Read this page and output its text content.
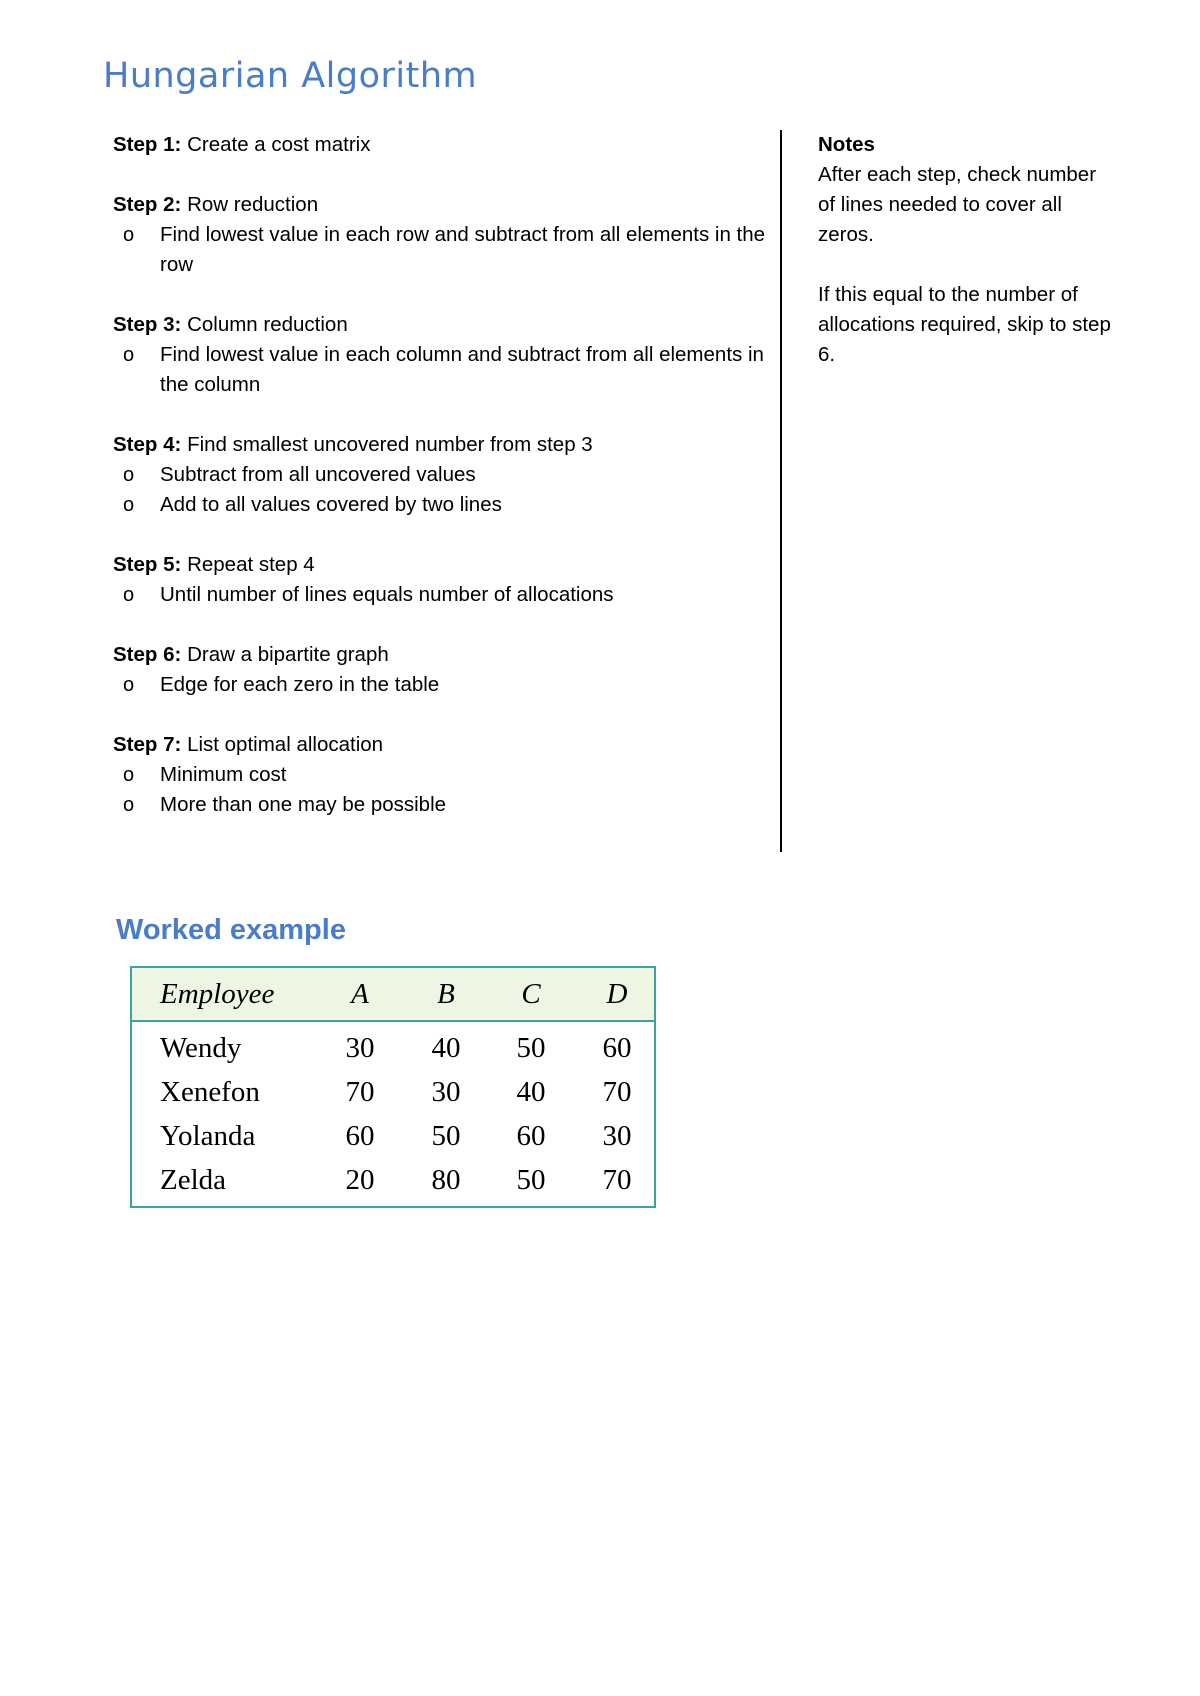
Hungarian Algorithm
Step 1: Create a cost matrix
Step 2: Row reduction
o Find lowest value in each row and subtract from all elements in the row
Step 3: Column reduction
o Find lowest value in each column and subtract from all elements in the column
Step 4: Find smallest uncovered number from step 3
o Subtract from all uncovered values
o Add to all values covered by two lines
Step 5: Repeat step 4
o Until number of lines equals number of allocations
Step 6: Draw a bipartite graph
o Edge for each zero in the table
Step 7: List optimal allocation
o Minimum cost
o More than one may be possible
Notes

After each step, check number of lines needed to cover all zeros.

If this equal to the number of allocations required, skip to step 6.

Worked example
Employee	A	B	C	D
Wendy	30 40 50 60
Xenefon	70 30 40 70
Yolanda	60 50 60 30
Zelda	20 80 50 70
